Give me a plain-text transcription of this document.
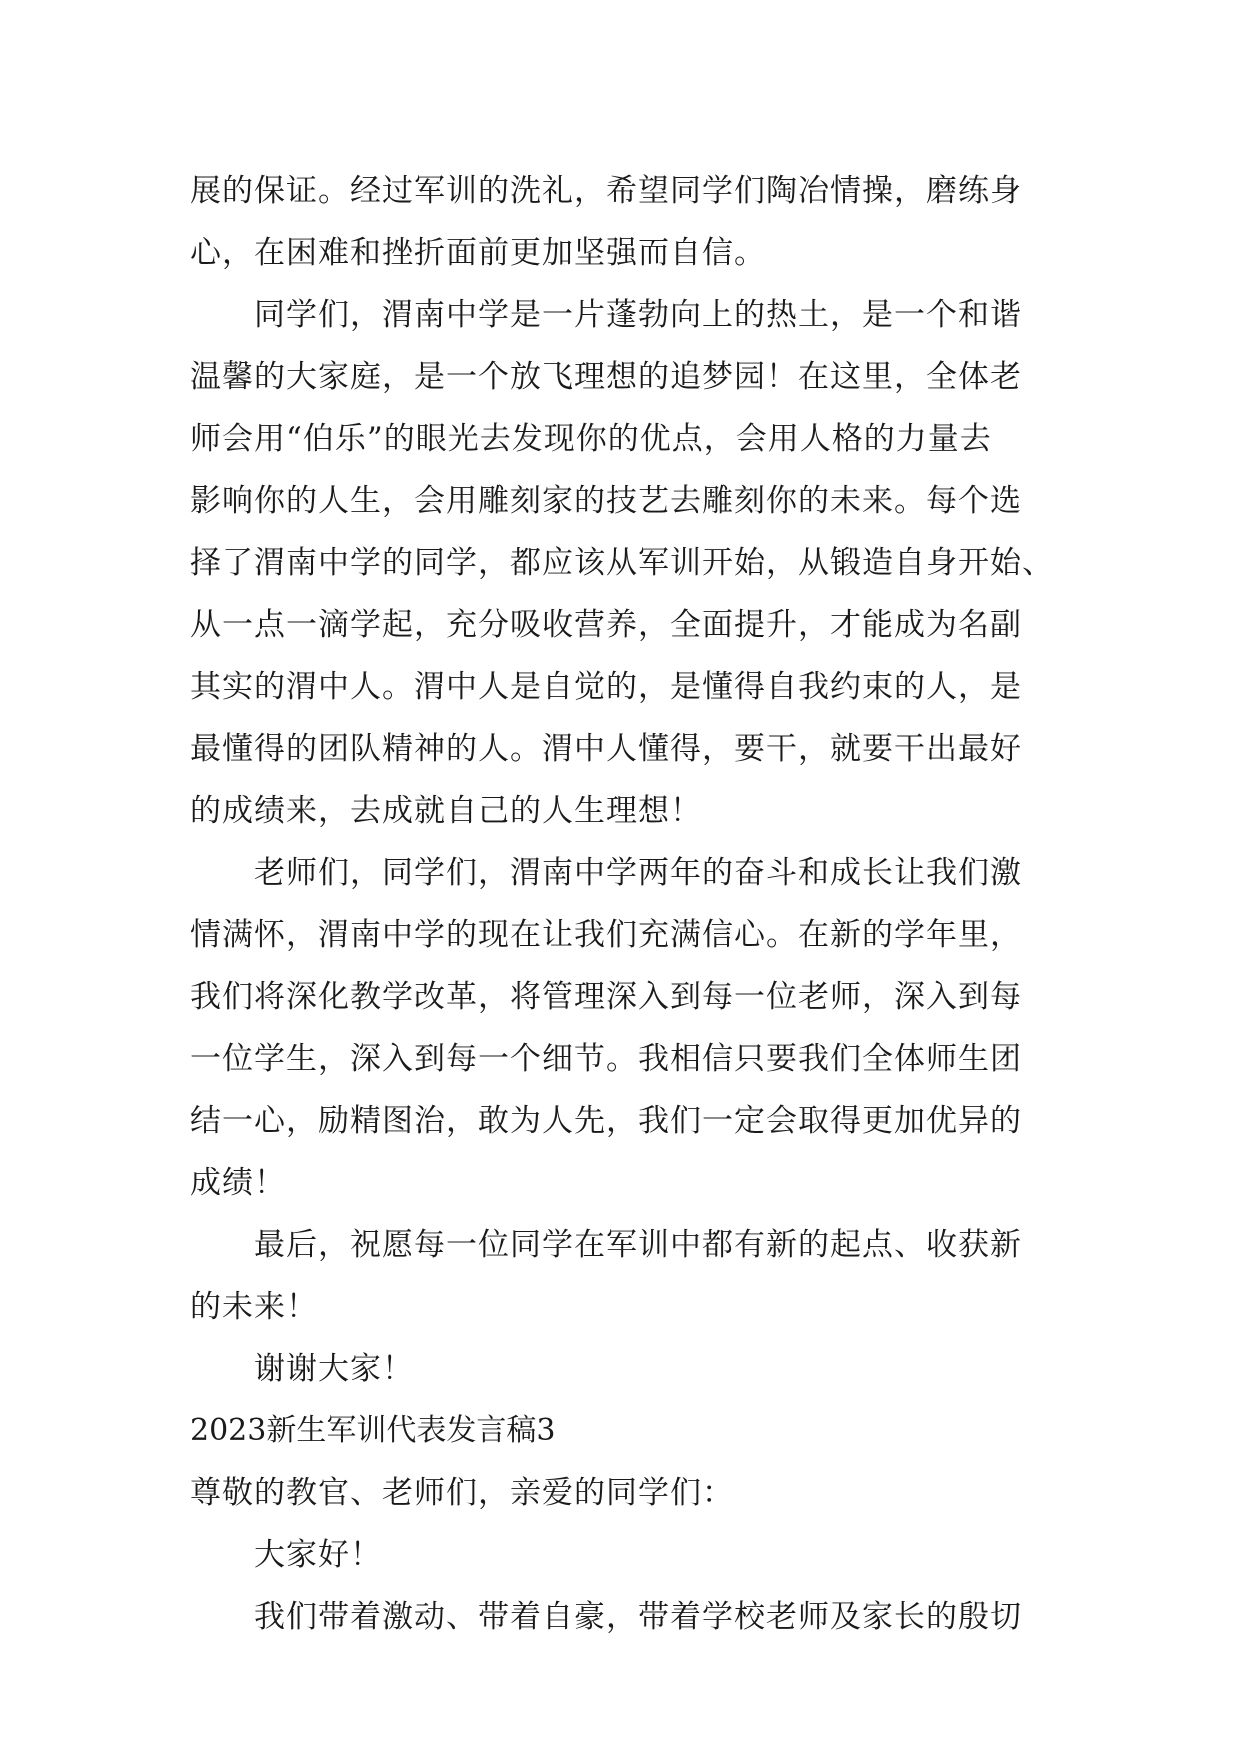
展的保证。经过军训的洗礼，希望同学们陶冶情操，磨练身
心，在困难和挫折面前更加坚强而自信。
同学们，渭南中学是一片蓬勃向上的热土，是一个和谐
温馨的大家庭，是一个放飞理想的追梦园！在这里，全体老
师会用“伯乐”的眼光去发现你的优点，会用人格的力量去
影响你的人生，会用雕刻家的技艺去雕刻你的未来。每个选
择了渭南中学的同学，都应该从军训开始，从锻造自身开始、
从一点一滴学起，充分吸收营养，全面提升，才能成为名副
其实的渭中人。渭中人是自觉的，是懂得自我约束的人，是
最懂得的团队精神的人。渭中人懂得，要干，就要干出最好
的成绩来，去成就自己的人生理想！
老师们，同学们，渭南中学两年的奋斗和成长让我们激
情满怀，渭南中学的现在让我们充满信心。在新的学年里，
我们将深化教学改革，将管理深入到每一位老师，深入到每
一位学生，深入到每一个细节。我相信只要我们全体师生团
结一心，励精图治，敢为人先，我们一定会取得更加优异的
成绩！
最后，祝愿每一位同学在军训中都有新的起点、收获新
的未来！
谢谢大家！
2023新生军训代表发言稿3
尊敬的教官、老师们，亲爱的同学们：
大家好！
我们带着激动、带着自豪，带着学校老师及家长的殷切
